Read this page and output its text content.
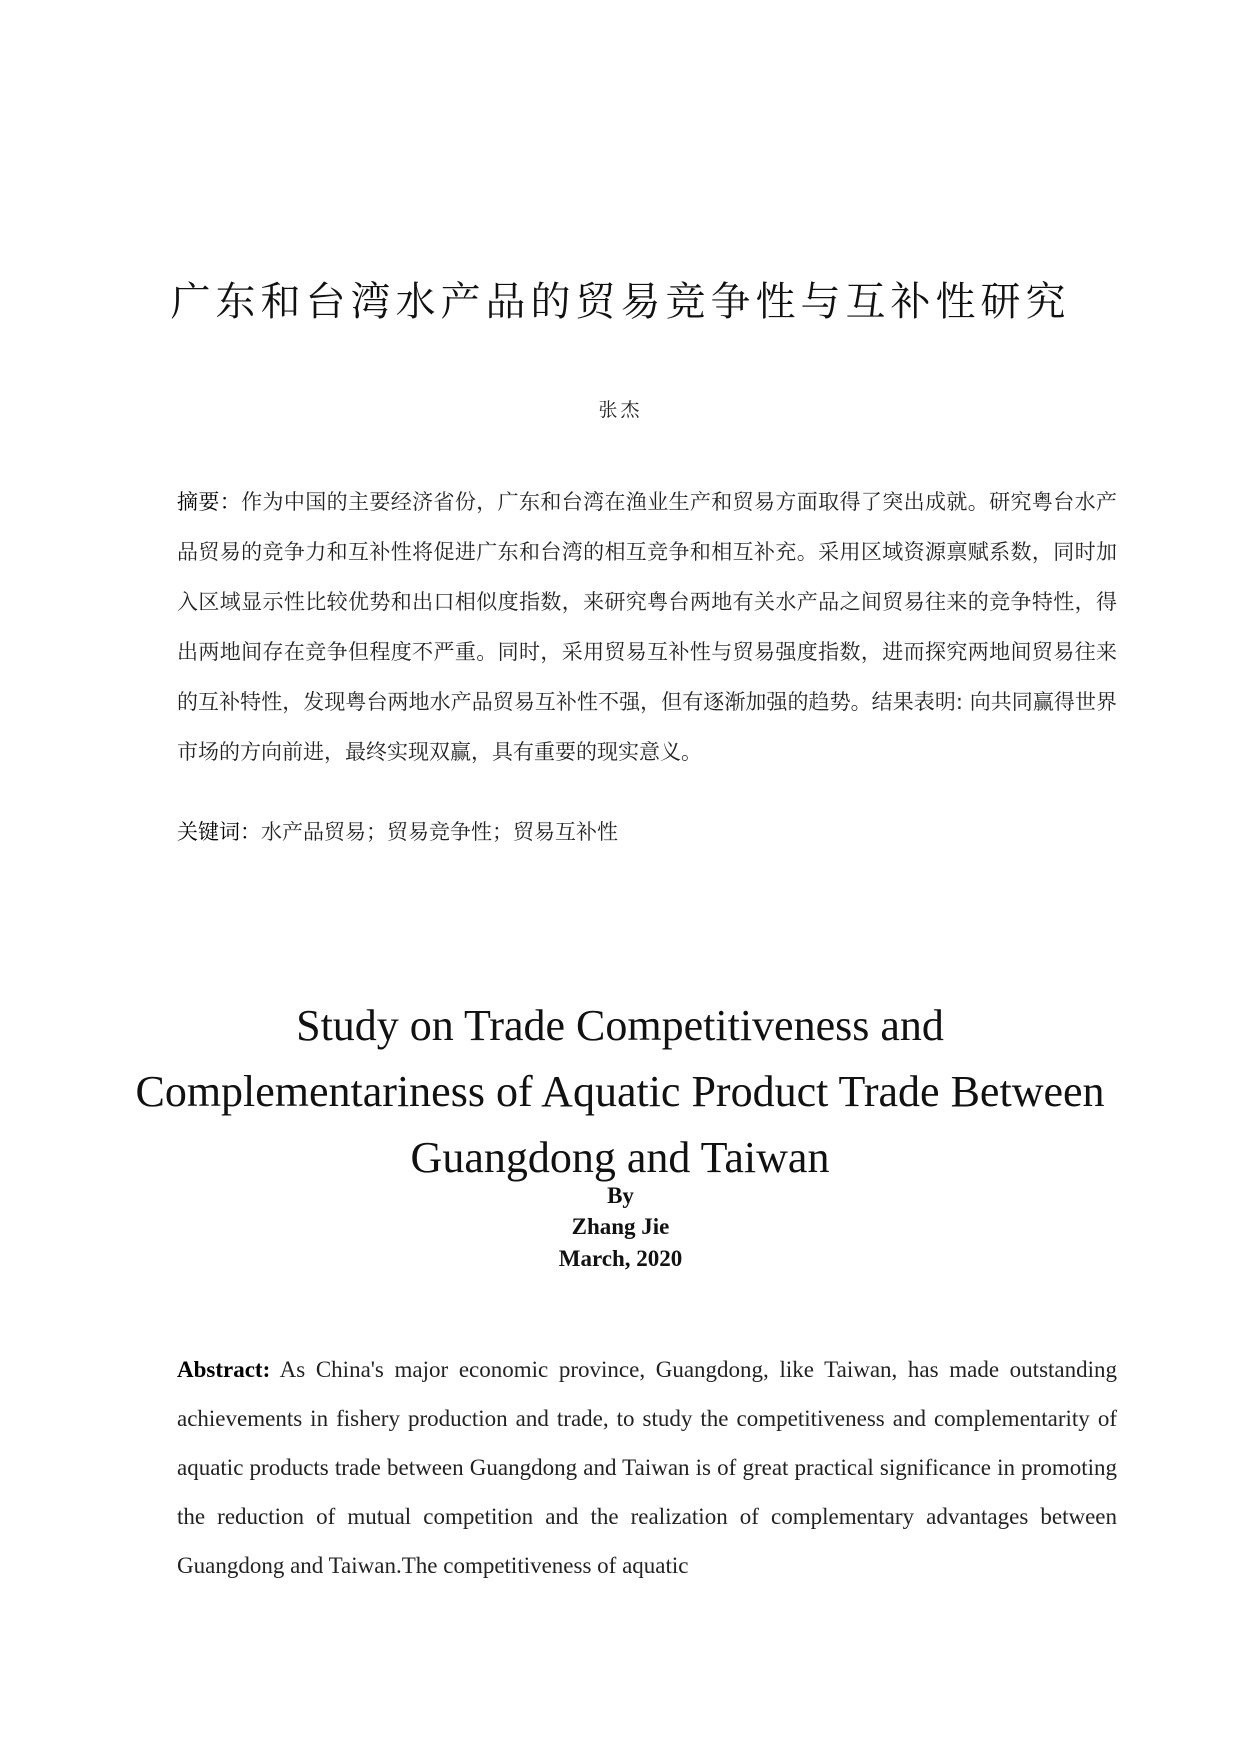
广东和台湾水产品的贸易竞争性与互补性研究
张杰

摘要：作为中国的主要经济省份，广东和台湾在渔业生产和贸易方面取得了突出成就。研究粤台水产品贸易的竞争力和互补性将促进广东和台湾的相互竞争和相互补充。采用区域资源禀赋系数，同时加入区域显示性比较优势和出口相似度指数，来研究粤台两地有关水产品之间贸易往来的竞争特性，得出两地间存在竞争但程度不严重。同时，采用贸易互补性与贸易强度指数，进而探究两地间贸易往来的互补特性，发现粤台两地水产品贸易互补性不强，但有逐渐加强的趋势。结果表明: 向共同赢得世界市场的方向前进，最终实现双赢，具有重要的现实意义。

关键词：水产品贸易；贸易竞争性；贸易互补性

Study on Trade Competitiveness and Complementariness of Aquatic Product Trade Between Guangdong and Taiwan

By
Zhang Jie
March, 2020

Abstract: As China's major economic province, Guangdong, like Taiwan, has made outstanding achievements in fishery production and trade, to study the competitiveness and complementarity of aquatic products trade between Guangdong and Taiwan is of great practical significance in promoting the reduction of mutual competition and the realization of complementary advantages between Guangdong and Taiwan.The competitiveness of aquatic
